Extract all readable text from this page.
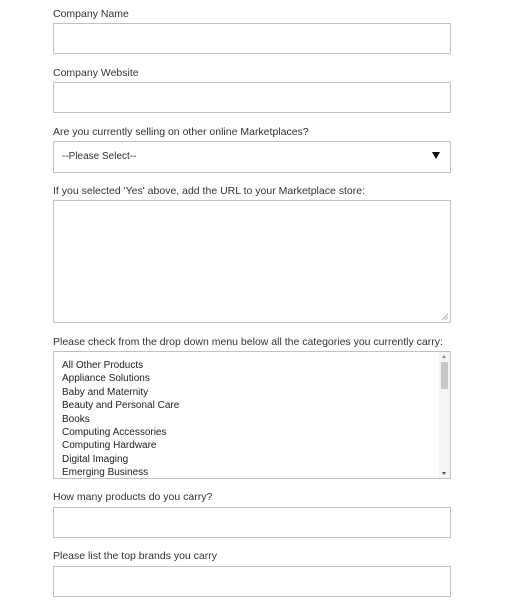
Company Name
Company Website
Are you currently selling on other online Marketplaces?
--Please Select--
If you selected 'Yes' above, add the URL to your Marketplace store:
Please check from the drop down menu below all the categories you currently carry:
All Other Products
Appliance Solutions
Baby and Maternity
Beauty and Personal Care
Books
Computing Accessories
Computing Hardware
Digital Imaging
Emerging Business
How many products do you carry?
Please list the top brands you carry
